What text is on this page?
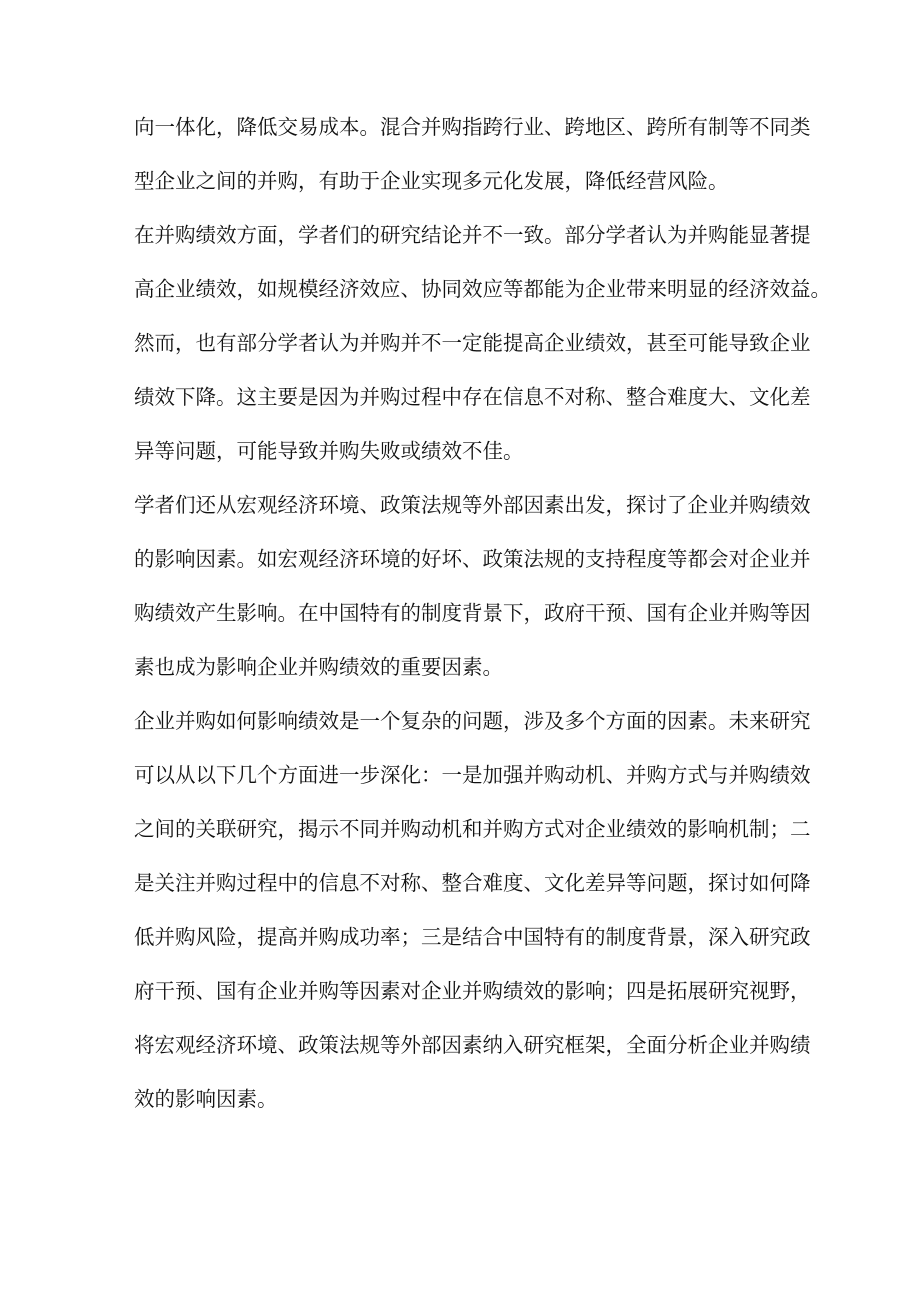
向一体化，降低交易成本。混合并购指跨行业、跨地区、跨所有制等不同类
型企业之间的并购，有助于企业实现多元化发展，降低经营风险。
在并购绩效方面，学者们的研究结论并不一致。部分学者认为并购能显著提
高企业绩效，如规模经济效应、协同效应等都能为企业带来明显的经济效益。
然而，也有部分学者认为并购并不一定能提高企业绩效，甚至可能导致企业
绩效下降。这主要是因为并购过程中存在信息不对称、整合难度大、文化差
异等问题，可能导致并购失败或绩效不佳。
学者们还从宏观经济环境、政策法规等外部因素出发，探讨了企业并购绩效
的影响因素。如宏观经济环境的好坏、政策法规的支持程度等都会对企业并
购绩效产生影响。在中国特有的制度背景下，政府干预、国有企业并购等因
素也成为影响企业并购绩效的重要因素。
企业并购如何影响绩效是一个复杂的问题，涉及多个方面的因素。未来研究
可以从以下几个方面进一步深化：一是加强并购动机、并购方式与并购绩效
之间的关联研究，揭示不同并购动机和并购方式对企业绩效的影响机制；二
是关注并购过程中的信息不对称、整合难度、文化差异等问题，探讨如何降
低并购风险，提高并购成功率；三是结合中国特有的制度背景，深入研究政
府干预、国有企业并购等因素对企业并购绩效的影响；四是拓展研究视野，
将宏观经济环境、政策法规等外部因素纳入研究框架，全面分析企业并购绩
效的影响因素。
